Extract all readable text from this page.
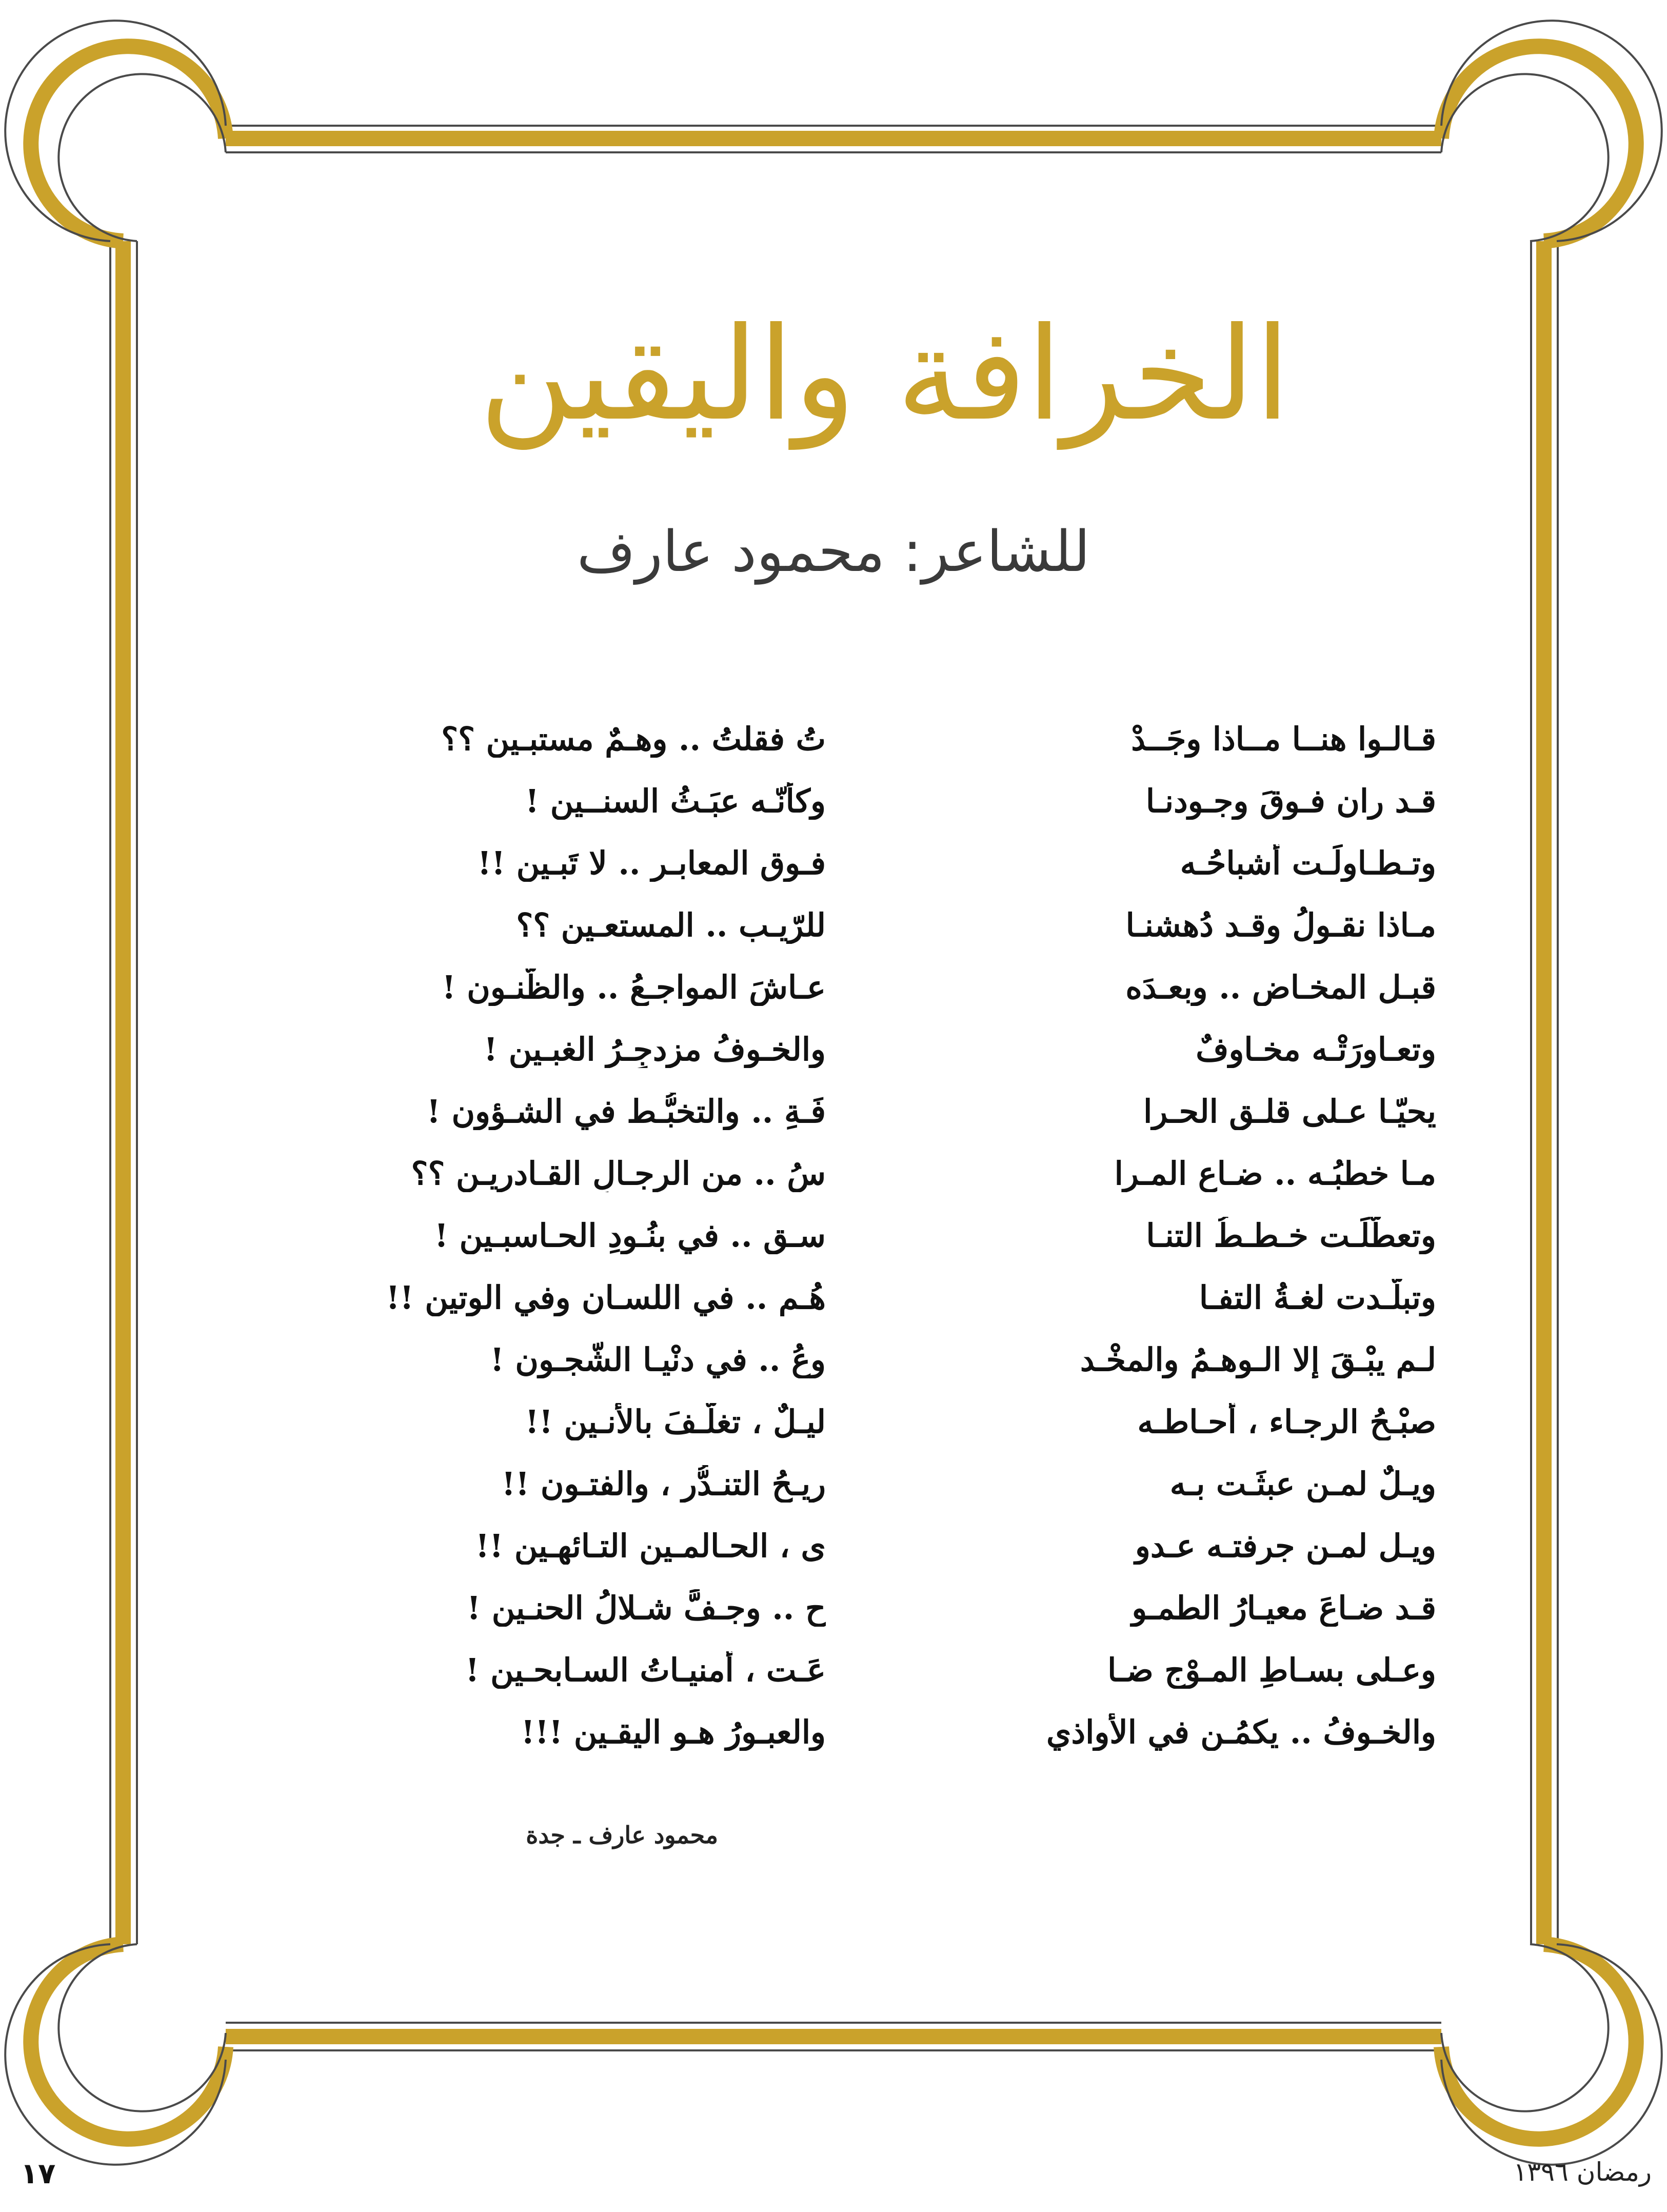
الخرافة واليقين
للشاعر: محمود عارف
قـالـوا هنــا مــاذا وجَــدْ
تُ فقلتُ .. وهـمٌ مستبـين ؟؟
قـد ران فـوقَ وجـودنـا
وكأنّـه عبَـثُ السنــين !
وتـطـاولَـت أشباحُـه
فـوق المعابـرِ .. لا تَبـين !!
مـاذا نقـولُ وقـد دُهشنـا
للرّيـب .. المستعـين ؟؟
قبـل المخـاضِ .. وبعـدَه
عـاشَ المواجـعُ .. والظّنـون !
وتعـاورَتْـه مخـاوفٌ
والخـوفُ مزدجِـرُ الغبـين !
يحيّـا عـلى قلـقِ الحـرا
فَـةِ .. والتخبُّـط في الشـؤون !
مـا خطبُـه .. ضـاع المـرا
سُ .. من الرجـالِ القـادريـن ؟؟
وتعطّلَـت خـطـطُ التنـا
سـقِ .. في بنُـودِ الحـاسبـين !
وتبلّـدت لغـةُ التفـا
هُـم .. في اللسـان وفي الوتين !!
لـم يبْـقَ إلا الـوهـمُ والمخْـد
وعُ .. في دنْيـا الشّجـون !
صبْـحُ الرجـاء ، أحـاطـه
ليـلٌ ، تغلّـفَ بالأنـين !!
ويـلٌ لمـن عبثَـت بـه
ريـحُ التنـدُّر ، والفتـون !!
ويـل لمـن جرفتـه عـدو
ى ، الحـالمـين التـائهـين !!
قـد ضـاعَ معيـارُ الطمـو
حِ .. وجـفَّ شـلالُ الحنـين !
وعـلى بسـاطِ المـوْج ضـا
عَـت ، أمنيـاتُ السـابحـين !
والخـوفُ .. يكمُـن في الأواذي
والعبـورُ هـو اليقـين !!!
محمود عارف ـ جدة
١٧	رمضان ١٣٩٦
